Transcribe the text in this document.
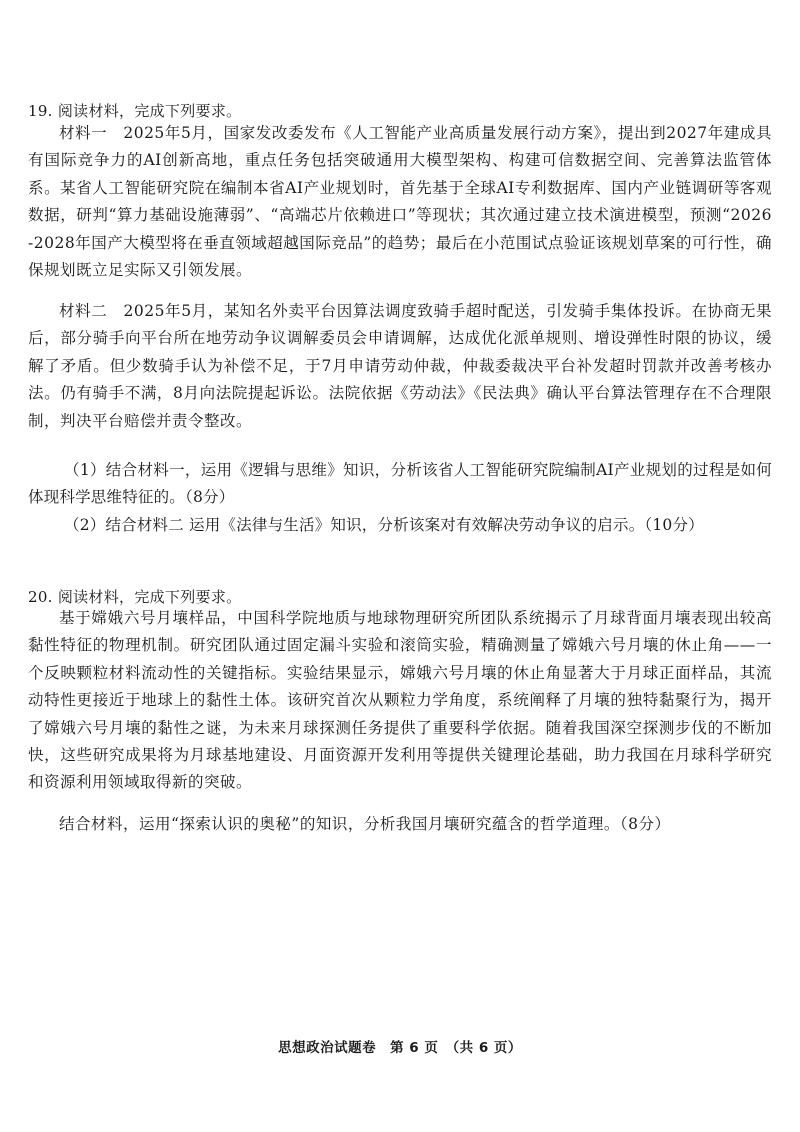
19. 阅读材料，完成下列要求。

材料一　2025年5月，国家发改委发布《人工智能产业高质量发展行动方案》，提出到2027年建成具有国际竞争力的AI创新高地，重点任务包括突破通用大模型架构、构建可信数据空间、完善算法监管体系。某省人工智能研究院在编制本省AI产业规划时，首先基于全球AI专利数据库、国内产业链调研等客观数据，研判“算力基础设施薄弱”、“高端芯片依赖进口”等现状；其次通过建立技术演进模型，预测“2026-2028年国产大模型将在垂直领域超越国际竞品”的趋势；最后在小范围试点验证该规划草案的可行性，确保规划既立足实际又引领发展。

材料二　2025年5月，某知名外卖平台因算法调度致骑手超时配送，引发骑手集体投诉。在协商无果后，部分骑手向平台所在地劳动争议调解委员会申请调解，达成优化派单规则、增设弹性时限的协议，缓解了矛盾。但少数骑手认为补偿不足，于7月申请劳动仲裁，仲裁委裁决平台补发超时罚款并改善考核办法。仍有骑手不满，8月向法院提起诉讼。法院依据《劳动法》《民法典》确认平台算法管理存在不合理限制，判决平台赔偿并责令整改。

（1）结合材料一，运用《逻辑与思维》知识，分析该省人工智能研究院编制AI产业规划的过程是如何体现科学思维特征的。（8分）

（2）结合材料二 运用《法律与生活》知识，分析该案对有效解决劳动争议的启示。（10分）

20. 阅读材料，完成下列要求。

基于嫦娥六号月壤样品，中国科学院地质与地球物理研究所团队系统揭示了月球背面月壤表现出较高黏性特征的物理机制。研究团队通过固定漏斗实验和滚筒实验，精确测量了嫦娥六号月壤的休止角——一个反映颗粒材料流动性的关键指标。实验结果显示，嫦娥六号月壤的休止角显著大于月球正面样品，其流动特性更接近于地球上的黏性土体。该研究首次从颗粒力学角度，系统阐释了月壤的独特黏聚行为，揭开了嫦娥六号月壤的黏性之谜，为未来月球探测任务提供了重要科学依据。随着我国深空探测步伐的不断加快，这些研究成果将为月球基地建设、月面资源开发利用等提供关键理论基础，助力我国在月球科学研究和资源利用领域取得新的突破。

结合材料，运用“探索认识的奥秘”的知识，分析我国月壤研究蕴含的哲学道理。（8分）

思想政治试题卷　第 6 页　（共 6 页）
